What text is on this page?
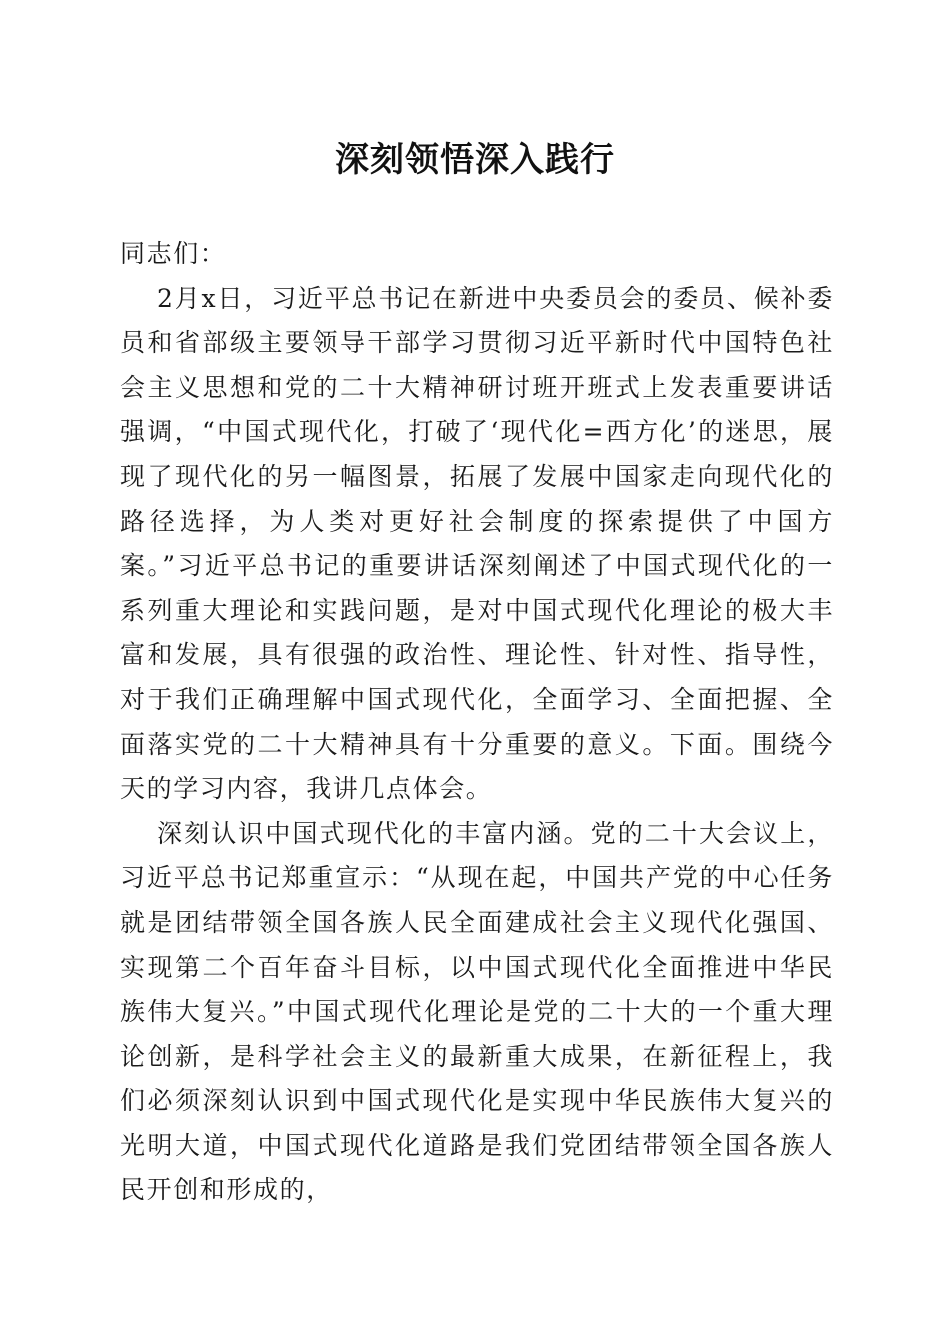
深刻领悟深入践行

同志们：

2月x日，习近平总书记在新进中央委员会的委员、候补委员和省部级主要领导干部学习贯彻习近平新时代中国特色社会主义思想和党的二十大精神研讨班开班式上发表重要讲话强调，“中国式现代化，打破了‘现代化=西方化’的迷思，展现了现代化的另一幅图景，拓展了发展中国家走向现代化的路径选择，为人类对更好社会制度的探索提供了中国方案。”习近平总书记的重要讲话深刻阐述了中国式现代化的一系列重大理论和实践问题，是对中国式现代化理论的极大丰富和发展，具有很强的政治性、理论性、针对性、指导性，对于我们正确理解中国式现代化，全面学习、全面把握、全面落实党的二十大精神具有十分重要的意义。下面。围绕今天的学习内容，我讲几点体会。

深刻认识中国式现代化的丰富内涵。党的二十大会议上，习近平总书记郑重宣示：“从现在起，中国共产党的中心任务就是团结带领全国各族人民全面建成社会主义现代化强国、实现第二个百年奋斗目标，以中国式现代化全面推进中华民族伟大复兴。”中国式现代化理论是党的二十大的一个重大理论创新，是科学社会主义的最新重大成果，在新征程上，我们必须深刻认识到中国式现代化是实现中华民族伟大复兴的光明大道，中国式现代化道路是我们党团结带领全国各族人民开创和形成的，
